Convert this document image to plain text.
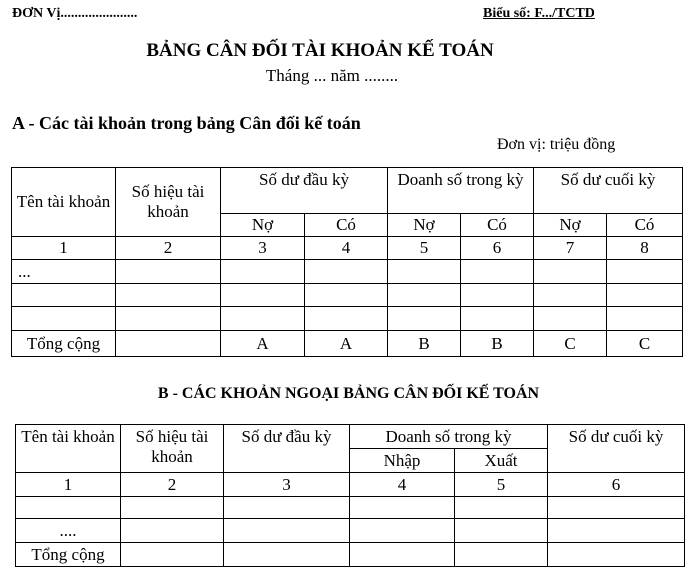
ĐƠN Vị......................	Biểu số: F.../TCTD
BẢNG CÂN ĐỐI TÀI KHOẢN KẾ TOÁN
Tháng ... năm ........
A - Các tài khoản trong bảng Cân đối kế toán
Đơn vị: triệu đồng
Tên tài khoản	Số hiệu tài khoản	Số dư đầu kỳ		Doanh số trong kỳ		Số dư cuối kỳ	
		Nợ	Có	Nợ	Có	Nợ	Có
1	2	3	4	5	6	7	8
...							

Tổng cộng		A	A	B	B	C	C
B - CÁC KHOẢN NGOẠI BẢNG CÂN ĐỐI KẾ TOÁN
Tên tài khoản	Số hiệu tài khoản	Số dư đầu kỳ	Doanh số trong kỳ		Số dư cuối kỳ
			Nhập	Xuất	
1	2	3	4	5	6

....					
Tổng cộng					
